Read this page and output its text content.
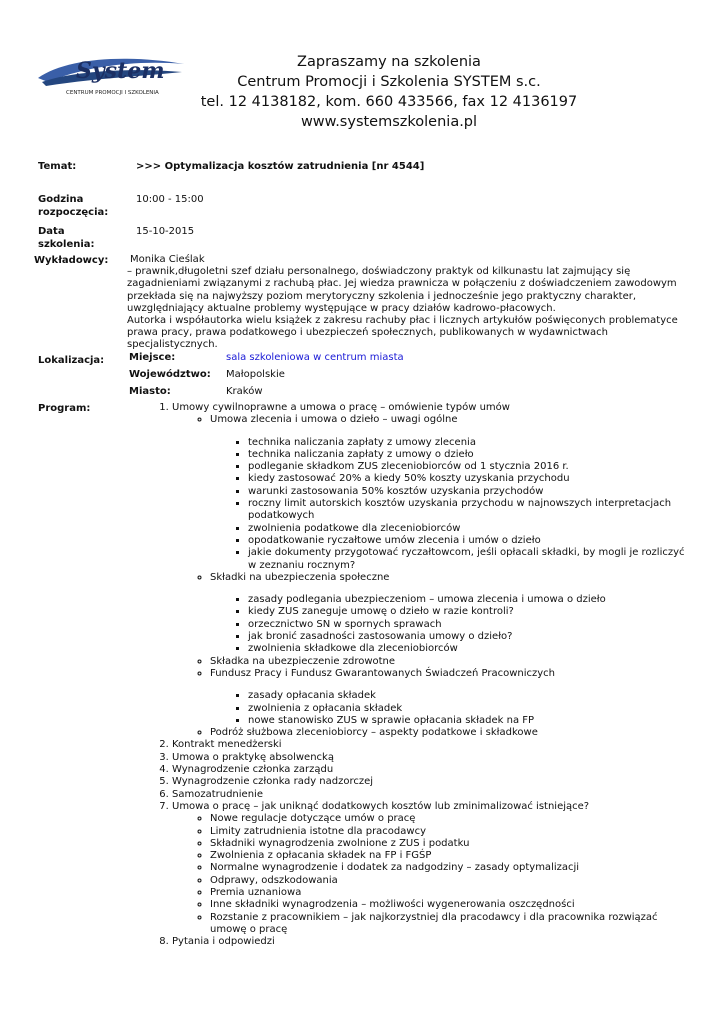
System
CENTRUM PROMOCJI I SZKOLENIA
Zapraszamy na szkolenia
Centrum Promocji i Szkolenia SYSTEM s.c.
tel. 12 4138182, kom. 660 433566, fax 12 4136197
www.systemszkolenia.pl
Temat:	>>> Optymalizacja kosztów zatrudnienia [nr 4544]
Godzina
rozpoczęcia:
10:00 - 15:00
Data
szkolenia:
15-10-2015
Wykładowcy:	Monika Cieślak

– prawnik,długoletni szef działu personalnego, doświadczony praktyk od kilkunastu lat zajmujący się zagadnieniami związanymi z rachubą płac. Jej wiedza prawnicza w połączeniu z doświadczeniem zawodowym przekłada się na najwyższy poziom merytoryczny szkolenia i jednocześnie jego praktyczny charakter, uwzględniający aktualne problemy występujące w pracy działów kadrowo-płacowych.

Autorka i współautorka wielu książek z zakresu rachuby płac i licznych artykułów poświęconych problematyce prawa pracy, prawa podatkowego i ubezpieczeń społecznych, publikowanych w wydawnictwach specjalistycznych.

Lokalizacja: Miejsce:	sala szkoleniowa w centrum miasta
Województwo: Małopolskie
Miasto:	Kraków
Program:
1.	Umowy cywilnoprawne a umowa o pracę – omówienie typów umów
◦ Umowa zlecenia i umowa o dzieło – uwagi ogólne
▪ technika naliczania zapłaty z umowy zlecenia
▪ technika naliczania zapłaty z umowy o dzieło
▪ podleganie składkom ZUS zleceniobiorców od 1 stycznia 2016 r.
▪ kiedy zastosować 20% a kiedy 50% koszty uzyskania przychodu
▪ warunki zastosowania 50% kosztów uzyskania przychodów
▪ roczny limit autorskich kosztów uzyskania przychodu w najnowszych interpretacjach podatkowych
▪ zwolnienia podatkowe dla zleceniobiorców
▪ opodatkowanie ryczałtowe umów zlecenia i umów o dzieło
▪ jakie dokumenty przygotować ryczałtowcom, jeśli opłacali składki, by mogli je rozliczyć w zeznaniu rocznym?
◦ Składki na ubezpieczenia społeczne
▪ zasady podlegania ubezpieczeniom – umowa zlecenia i umowa o dzieło
▪ kiedy ZUS zaneguje umowę o dzieło w razie kontroli?
▪ orzecznictwo SN w spornych sprawach
▪ jak bronić zasadności zastosowania umowy o dzieło?
▪ zwolnienia składkowe dla zleceniobiorców
◦ Składka na ubezpieczenie zdrowotne
◦ Fundusz Pracy i Fundusz Gwarantowanych Świadczeń Pracowniczych
▪ zasady opłacania składek
▪ zwolnienia z opłacania składek
▪ nowe stanowisko ZUS w sprawie opłacania składek na FP
◦ Podróż służbowa zleceniobiorcy – aspekty podatkowe i składkowe
2. Kontrakt menedżerski
3. Umowa o praktykę absolwencką
4. Wynagrodzenie członka zarządu
5. Wynagrodzenie członka rady nadzorczej
6. Samozatrudnienie
7. Umowa o pracę – jak uniknąć dodatkowych kosztów lub zminimalizować istniejące?
◦ Nowe regulacje dotyczące umów o pracę
◦ Limity zatrudnienia istotne dla pracodawcy
◦ Składniki wynagrodzenia zwolnione z ZUS i podatku
◦ Zwolnienia z opłacania składek na FP i FGŚP
◦ Normalne wynagrodzenie i dodatek za nadgodziny – zasady optymalizacji
◦ Odprawy, odszkodowania
◦ Premia uznaniowa
◦ Inne składniki wynagrodzenia – możliwości wygenerowania oszczędności
◦ Rozstanie z pracownikiem – jak najkorzystniej dla pracodawcy i dla pracownika rozwiązać umowę o pracę
8. Pytania i odpowiedzi
